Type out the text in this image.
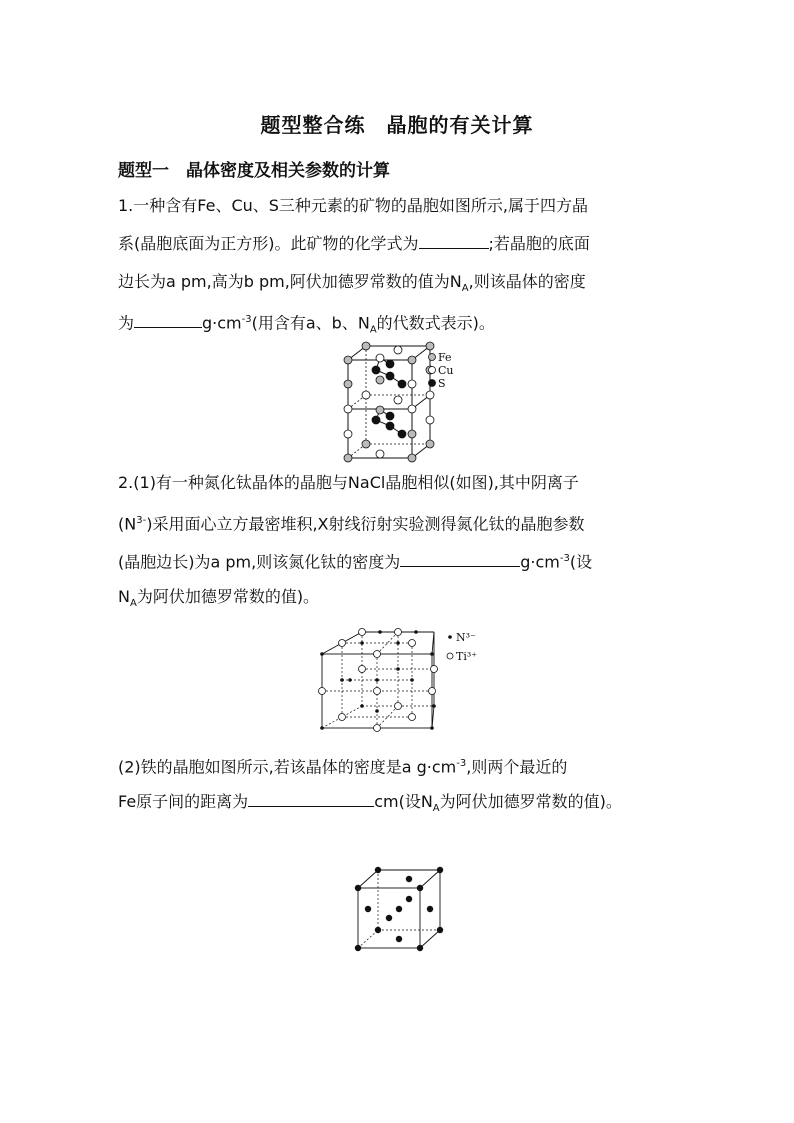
题型整合练　晶胞的有关计算
题型一　晶体密度及相关参数的计算
1.一种含有Fe、Cu、S三种元素的矿物的晶胞如图所示,属于四方晶
系(晶胞底面为正方形)。此矿物的化学式为	;若晶胞的底面
边长为a pm,高为b pm,阿伏加德罗常数的值为$N_A$,则该晶体的密度
为	$g\cdot cm^{-3}$(用含有a、b、$N_A$的代数式表示)。
Fe
Cu
S
2.(1)有一种氮化钛晶体的晶胞与NaCl晶胞相似(如图),其中阴离子
$(N^{3-})$采用面心立方最密堆积,X射线衍射实验测得氮化钛的晶胞参数
(晶胞边长)为a pm,则该氮化钛的密度为	$g\cdot cm^{-3}$(设
$N_A$为阿伏加德罗常数的值)。
N³⁻
Ti³⁺
(2)铁的晶胞如图所示,若该晶体的密度是a $g\cdot cm^{-3}$,则两个最近的
Fe原子间的距离为	cm(设$N_A$为阿伏加德罗常数的值)。
